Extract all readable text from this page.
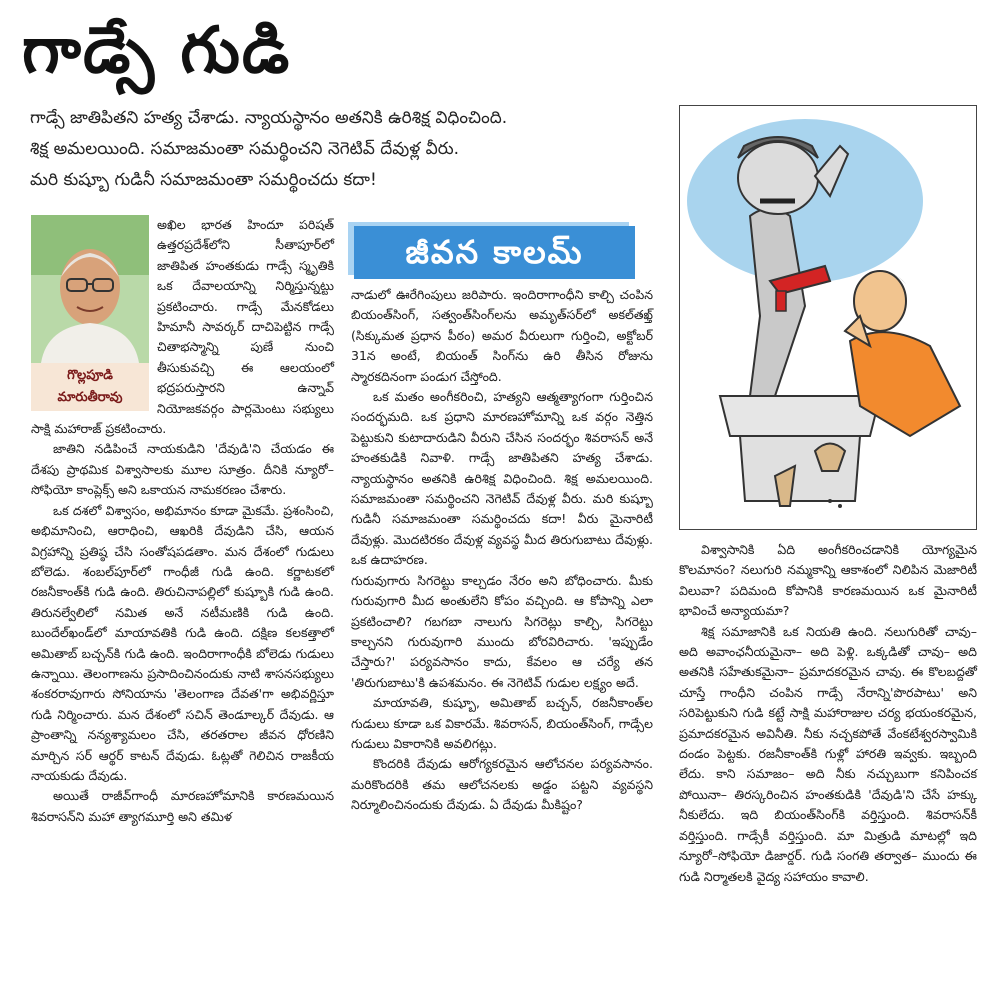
గాడ్సే గుడి
గాడ్సే జాతిపితని హత్య చేశాడు. న్యాయస్థానం అతనికి ఉరిశిక్ష విధించింది.
శిక్ష అమలయింది. సమాజమంతా సమర్థించని నెగెటివ్ దేవుళ్ల వీరు.
మరి కుష్బూ గుడినీ సమాజమంతా సమర్థించదు కదా!
గొల్లపూడి
మారుతీరావు

అఖిల భారత హిందూ పరిషత్ ఉత్తరప్రదేశ్‌లోని సీతాపూర్‌లో జాతిపిత హంతకుడు గాడ్సే స్మృతికి ఒక దేవాలయాన్ని నిర్మిస్తున్నట్టు ప్రకటించారు. గాడ్సే మేనకోడలు హిమానీ సావర్కర్ దాచిపెట్టిన గాడ్సే చితాభస్మాన్ని పుణే నుంచి తీసుకువచ్చి ఈ ఆలయంలో భద్రపరుస్తారని ఉన్నావ్ నియోజకవర్గం పార్లమెంటు సభ్యులు సాక్షి మహారాజ్ ప్రకటించారు.

జాతిని నడిపించే నాయకుడిని 'దేవుడి'ని చేయడం ఈ దేశపు ప్రాథమిక విశ్వాసాలకు మూల సూత్రం. దీనికి న్యూరో–సోఫియో కాంప్లెక్స్ అని ఒకాయన నామకరణం చేశారు.

ఒక దశలో విశ్వాసం, అభిమానం కూడా మైకమే. ప్రశంసించి, అభిమానించి, ఆరాధించి, ఆఖరికి దేవుడిని చేసి, ఆయన విగ్రహాన్ని ప్రతిష్ఠ చేసి సంతోషపడతాం. మన దేశంలో గుడులు బోలెడు. శంబల్‌పూర్‌లో గాంధీజీ గుడి ఉంది. కర్ణాటకలో రజనీకాంత్‌కి గుడి ఉంది. తిరుచినాపల్లిలో కుష్బూకి గుడి ఉంది. తిరునల్వేలిలో నమిత అనే నటీమణికి గుడి ఉంది. బుందేల్‌ఖండ్‌లో మాయావతికి గుడి ఉంది. దక్షిణ కలకత్తాలో అమితాబ్ బచ్చన్‌కి గుడి ఉంది. ఇందిరాగాంధీకి బోలెడు గుడులు ఉన్నాయి. తెలంగాణను ప్రసాదించినందుకు నాటి శాసనసభ్యులు శంకరరావుగారు సోనియాను 'తెలంగాణ దేవత'గా అభివర్ణిస్తూ గుడి నిర్మించారు. మన దేశంలో సచిన్ తెండూల్కర్ దేవుడు. ఆ ప్రాంతాన్ని నన్యశ్యామలం చేసి, తరతరాల జీవన ధోరణిని మార్చిన సర్ ఆర్థర్ కాటన్ దేవుడు. ఓట్లతో గెలిచిన రాజకీయ నాయకుడు దేవుడు.

అయితే రాజీవ్‌గాంధీ మారణహోమానికి కారణమయిన శివరాసన్‌ని మహా త్యాగమూర్తి అని తమిళ

జీవన కాలమ్

నాడులో ఊరేగింపులు జరిపారు. ఇందిరాగాంధీని కాల్చి చంపిన బియంత్‌సింగ్, సత్వంత్‌సింగ్‌లను అమృత్‌సర్‌లో అకల్‌తఖ్త్ (సిక్కుమత ప్రధాన పీఠం) అమర వీరులుగా గుర్తించి, అక్టోబర్ 31న అంటే, బియంత్ సింగ్‌ను ఉరి తీసిన రోజును స్మారకదినంగా పండుగ చేస్తోంది.

ఒక మతం అంగీకరించి, హత్యని ఆత్మత్యాగంగా గుర్తించిన సందర్భమది. ఒక ప్రధాని మారణహోమాన్ని ఒక వర్గం నెత్తిన పెట్టుకుని కుటాదారుడిని వీరుని చేసిన సందర్భం శివరాసన్ అనే హంతకుడికి నివాళి. గాడ్సే జాతిపితని హత్య చేశాడు. న్యాయస్థానం అతనికి ఉరిశిక్ష విధించింది. శిక్ష అమలయింది. సమాజమంతా సమర్థించని నెగెటివ్ దేవుళ్ల వీరు. మరి కుష్బూ గుడినీ సమాజమంతా సమర్థించదు కదా! వీరు మైనారిటీ దేవుళ్లు. మొదటిరకం దేవుళ్ల వ్యవస్థ మీద తిరుగుబాటు దేవుళ్లు. ఒక ఉదాహరణ.

గురువుగారు సిగరెట్టు కాల్చడం నేరం అని బోధించారు. మీకు గురువుగారి మీద అంతులేని కోపం వచ్చింది. ఆ కోపాన్ని ఎలా ప్రకటించాలి? గబగబా నాలుగు సిగరెట్లు కాల్చి, సిగరెట్టు కాల్చనని గురువుగారి ముందు బోరవిరిచారు. 'ఇప్పుడేం చేస్తారు?' పర్యవసానం కాదు, కేవలం ఆ చర్యే తన 'తిరుగుబాటు'కి ఉపశమనం. ఈ నెగెటివ్ గుడుల లక్ష్యం అదే.

మాయావతి, కుష్బూ, అమితాబ్ బచ్చన్, రజనీకాంత్‌ల గుడులు కూడా ఒక వికారమే. శివరాసన్, బియంత్‌సింగ్, గాడ్సేల గుడులు వికారానికి అవలిగట్లు.

కొందరికి దేవుడు ఆరోగ్యకరమైన ఆలోచనల పర్యవసానం. మరికొందరికి తమ ఆలోచనలకు అడ్డం పట్టని వ్యవస్థని నిర్మూలించినందుకు దేవుడు. ఏ దేవుడు మీకిష్టం?

విశ్వాసానికి ఏది అంగీకరించడానికి యోగ్యమైన కొలమానం? నలుగురి నమ్మకాన్ని ఆకాశంలో నిలిపిన మెజారిటీ విలువా? పదిమంది కోపానికి కారణమయిన ఒక మైనారిటీ భావించే అన్యాయమా?

శిక్ష సమాజానికి ఒక నియతి ఉంది. నలుగురితో చావు– అది అవాంఛనీయమైనా– అది పెళ్లి. ఒక్కడితో చావు– అది అతనికి సహేతుకమైనా– ప్రమాదకరమైన చావు. ఈ కొలబద్దతో చూస్తే గాంధీని చంపిన గాడ్సే నేరాన్ని'పొరపాటు' అని సరిపెట్టుకుని గుడి కట్టే సాక్షి మహారాజుల చర్య భయంకరమైన, ప్రమాదకరమైన అవినీతి. నీకు నచ్చకపోతే వేంకటేశ్వరస్వామికి దండం పెట్టకు. రజనీకాంత్‌కి గుళ్లో హారతి ఇవ్వకు. ఇబ్బంది లేదు. కాని సమాజం– అది నీకు నచ్చుబుగా కనిపించక పోయినా– తిరస్కరించిన హంతకుడికి 'దేవుడి'ని చేసే హక్కు నీకులేదు. ఇది బియంత్‌సింగ్‌కి వర్తిస్తుంది. శివరాసన్‌కీ వర్తిస్తుంది. గాడ్సేకీ వర్తిస్తుంది. మా మిత్రుడి మాటల్లో ఇది న్యూరో–సోఫియో డిజార్డర్. గుడి సంగతి తర్వాత– ముందు ఈ గుడి నిర్మాతలకి వైద్య సహాయం కావాలి.
